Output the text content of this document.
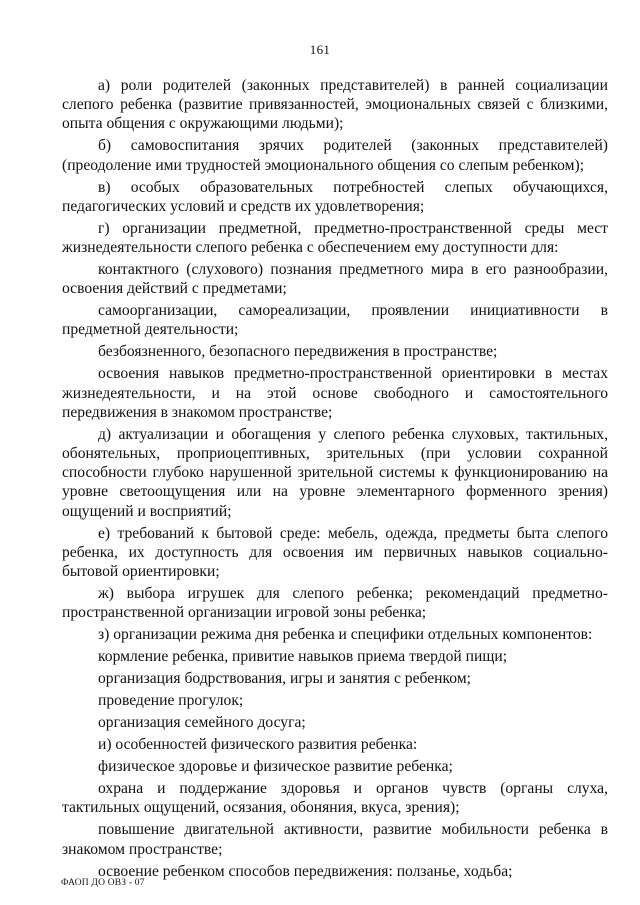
161

а) роли родителей (законных представителей) в ранней социализации слепого ребенка (развитие привязанностей, эмоциональных связей с близкими, опыта общения с окружающими людьми);

б) самовоспитания зрячих родителей (законных представителей) (преодоление ими трудностей эмоционального общения со слепым ребенком);

в) особых образовательных потребностей слепых обучающихся, педагогических условий и средств их удовлетворения;

г) организации предметной, предметно-пространственной среды мест жизнедеятельности слепого ребенка с обеспечением ему доступности для:

контактного (слухового) познания предметного мира в его разнообразии, освоения действий с предметами;

самоорганизации, самореализации, проявлении инициативности в предметной деятельности;

безбоязненного, безопасного передвижения в пространстве;

освоения навыков предметно-пространственной ориентировки в местах жизнедеятельности, и на этой основе свободного и самостоятельного передвижения в знакомом пространстве;

д) актуализации и обогащения у слепого ребенка слуховых, тактильных, обонятельных, проприоцептивных, зрительных (при условии сохранной способности глубоко нарушенной зрительной системы к функционированию на уровне светоощущения или на уровне элементарного форменного зрения) ощущений и восприятий;

е) требований к бытовой среде: мебель, одежда, предметы быта слепого ребенка, их доступность для освоения им первичных навыков социально-бытовой ориентировки;

ж) выбора игрушек для слепого ребенка; рекомендаций предметно-пространственной организации игровой зоны ребенка;

з) организации режима дня ребенка и специфики отдельных компонентов:

кормление ребенка, привитие навыков приема твердой пищи;

организация бодрствования, игры и занятия с ребенком;

проведение прогулок;

организация семейного досуга;

и) особенностей физического развития ребенка:

физическое здоровье и физическое развитие ребенка;

охрана и поддержание здоровья и органов чувств (органы слуха, тактильных ощущений, осязания, обоняния, вкуса, зрения);

повышение двигательной активности, развитие мобильности ребенка в знакомом пространстве;

освоение ребенком способов передвижения: ползанье, ходьба;

ФАОП ДО ОВЗ - 07
